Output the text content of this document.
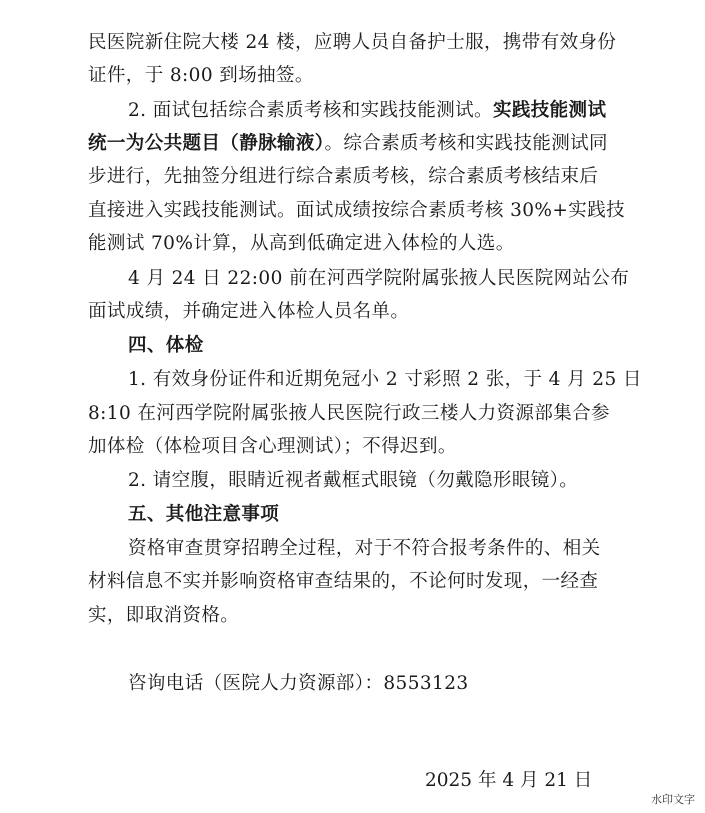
民医院新住院大楼 24 楼，应聘人员自备护士服，携带有效身份
证件，于 8:00 到场抽签。
2. 面试包括综合素质考核和实践技能测试。实践技能测试
统一为公共题目（静脉输液）。综合素质考核和实践技能测试同
步进行，先抽签分组进行综合素质考核，综合素质考核结束后
直接进入实践技能测试。面试成绩按综合素质考核 30%+实践技
能测试 70%计算，从高到低确定进入体检的人选。
4 月 24 日 22:00 前在河西学院附属张掖人民医院网站公布
面试成绩，并确定进入体检人员名单。
四、体检
1. 有效身份证件和近期免冠小 2 寸彩照 2 张，于 4 月 25 日
8:10 在河西学院附属张掖人民医院行政三楼人力资源部集合参
加体检（体检项目含心理测试）；不得迟到。
2. 请空腹，眼睛近视者戴框式眼镜（勿戴隐形眼镜）。
五、其他注意事项
资格审查贯穿招聘全过程，对于不符合报考条件的、相关
材料信息不实并影响资格审查结果的，不论何时发现，一经查
实，即取消资格。
咨询电话（医院人力资源部）：8553123
2025 年 4 月 21 日
水印文字
